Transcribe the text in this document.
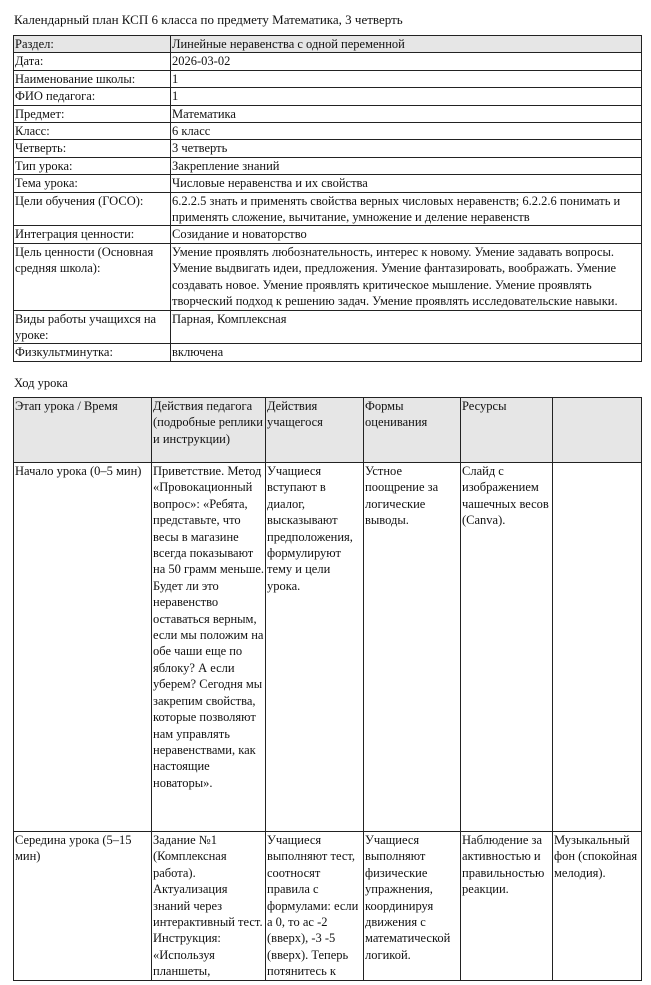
Календарный план КСП 6 класса по предмету Математика, 3 четверть
Раздел:	Линейные неравенства с одной переменной
Дата:	2026-03-02
Наименование школы:	1
ФИО педагога:	1
Предмет:	Математика
Класс:	6 класс
Четверть:	3 четверть
Тип урока:	Закрепление знаний
Тема урока:	Числовые неравенства и их свойства
Цели обучения (ГОСО):	6.2.2.5 знать и применять свойства верных числовых неравенств; 6.2.2.6 понимать и применять сложение, вычитание, умножение и деление неравенств
Интеграция ценности:	Созидание и новаторство
Цель ценности (Основная средняя школа):	Умение проявлять любознательность, интерес к новому. Умение задавать вопросы. Умение выдвигать идеи, предложения. Умение фантазировать, воображать. Умение создавать новое. Умение проявлять критическое мышление. Умение проявлять творческий подход к решению задач. Умение проявлять исследовательские навыки.
Виды работы учащихся на уроке:	Парная, Комплексная
Физкультминутка:	включена
Ход урока
Этап урока / Время	Действия педагога (подробные реплики и инструкции)	Действия учащегося	Формы оценивания	Ресурсы	
Начало урока (0–5 мин)	Приветствие. Метод «Провокационный вопрос»: «Ребята, представьте, что весы в магазине всегда показывают на 50 грамм меньше. Будет ли это неравенство оставаться верным, если мы положим на обе чаши еще по яблоку? А если уберем? Сегодня мы закрепим свойства, которые позволяют нам управлять неравенствами, как настоящие новаторы».	Учащиеся вступают в диалог, высказывают предположения, формулируют тему и цели урока.	Устное поощрение за логические выводы.	Слайд с изображением чашечных весов (Canva).	
Середина урока (5–15 мин)	Задание №1 (Комплексная работа). Актуализация знаний через интерактивный тест. Инструкция: «Используя планшеты,	Учащиеся выполняют тест, соотносят правила с формулами: если a 0, то ac -2 (вверх), -3 -5 (вверх). Теперь потянитесь к	Учащиеся выполняют физические упражнения, координируя движения с математической логикой.	Наблюдение за активностью и правильностью реакции.	Музыкальный фон (спокойная мелодия).
